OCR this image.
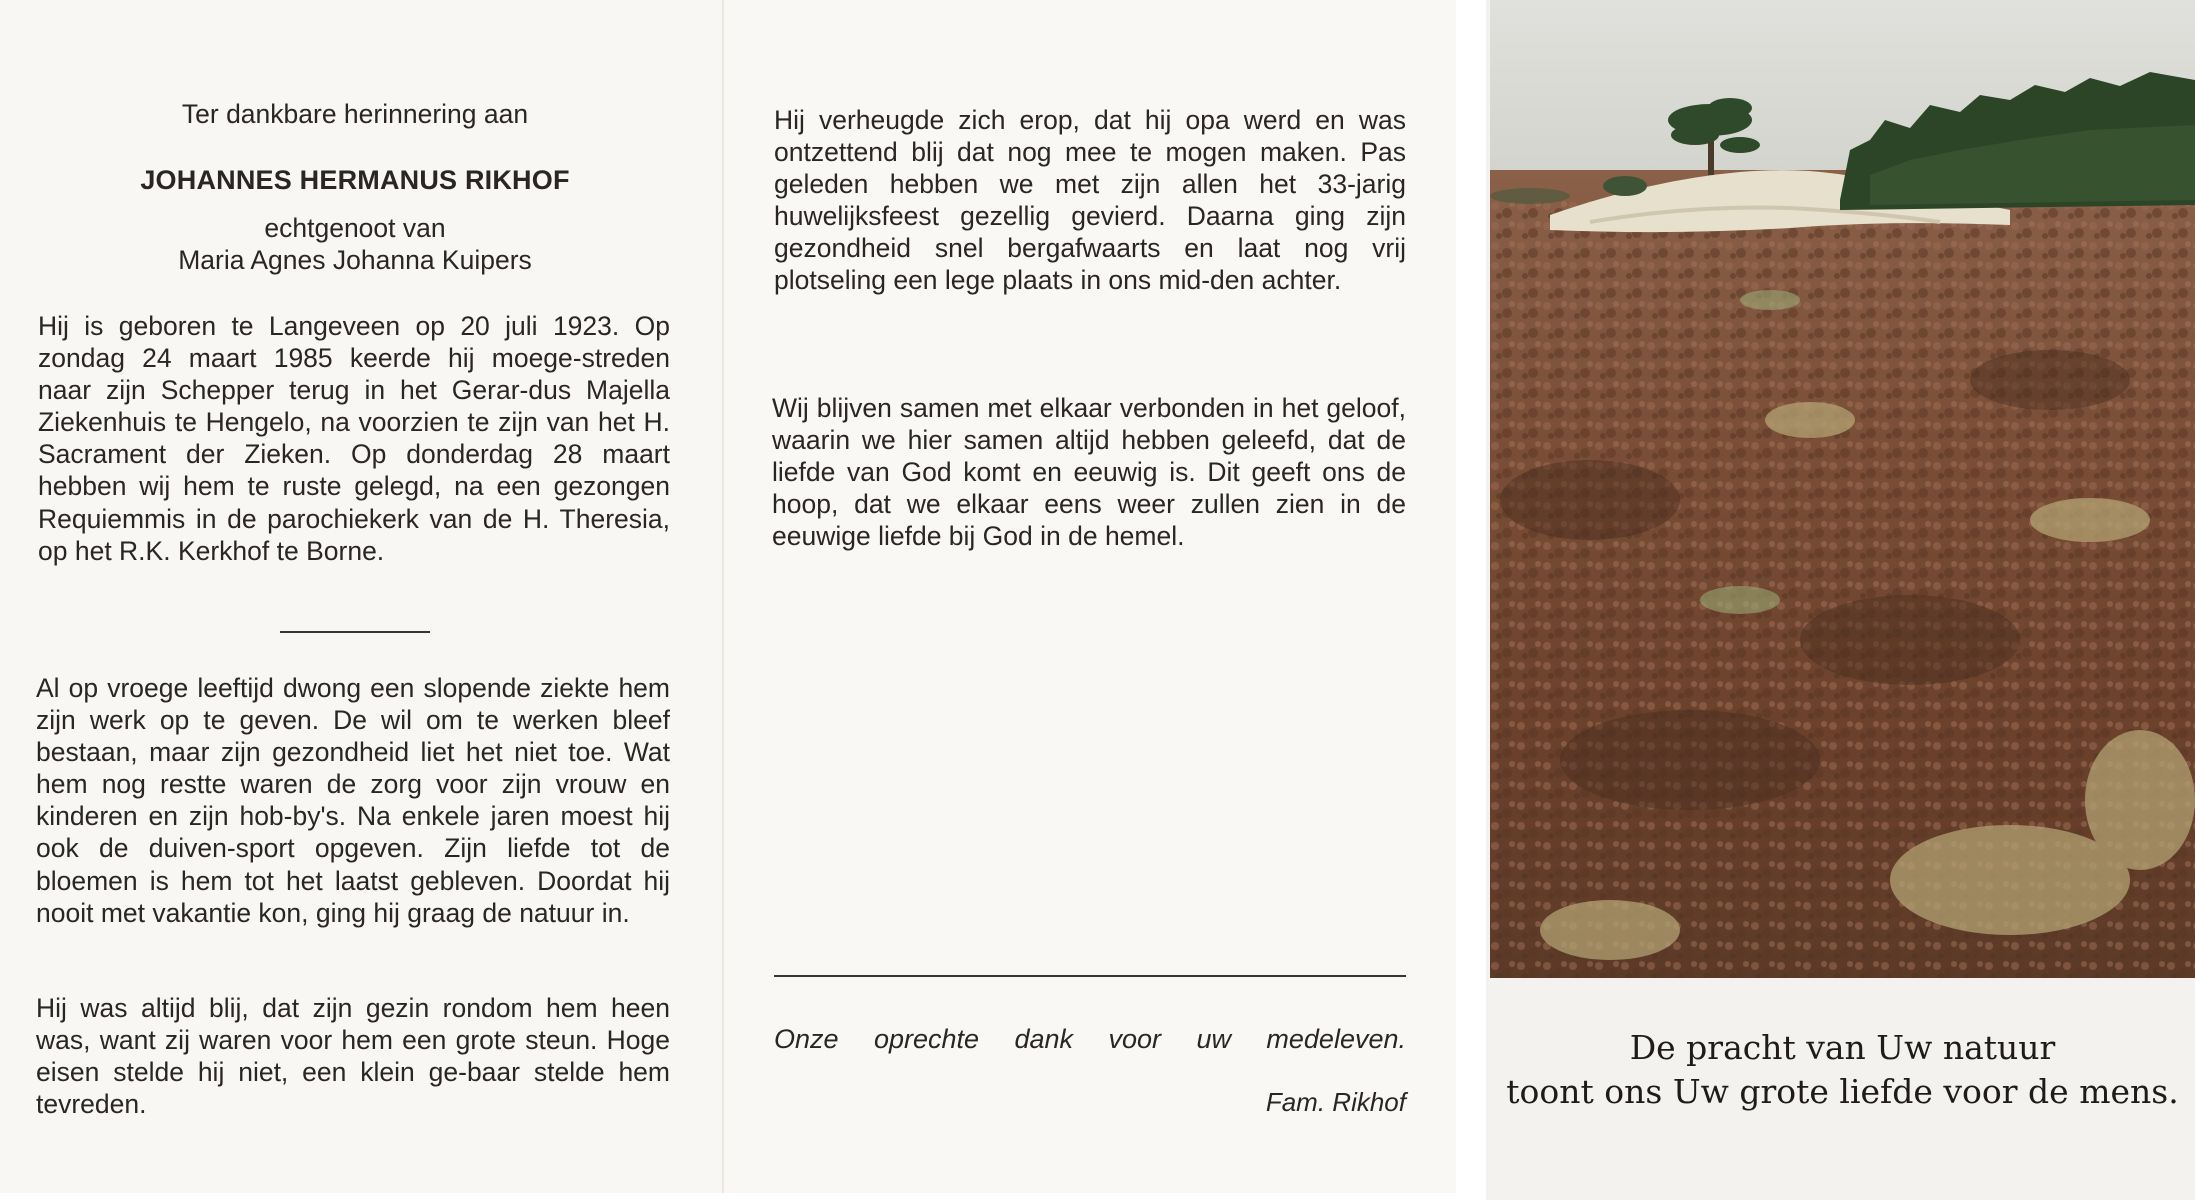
Ter dankbare herinnering aan
JOHANNES HERMANUS RIKHOF
echtgenoot van
Maria Agnes Johanna Kuipers
Hij is geboren te Langeveen op 20 juli 1923. Op zondag 24 maart 1985 keerde hij moege-streden naar zijn Schepper terug in het Gerar-dus Majella Ziekenhuis te Hengelo, na voorzien te zijn van het H. Sacrament der Zieken. Op donderdag 28 maart hebben wij hem te ruste gelegd, na een gezongen Requiemmis in de parochiekerk van de H. Theresia, op het R.K. Kerkhof te Borne.
Al op vroege leeftijd dwong een slopende ziekte hem zijn werk op te geven. De wil om te werken bleef bestaan, maar zijn gezondheid liet het niet toe. Wat hem nog restte waren de zorg voor zijn vrouw en kinderen en zijn hob-by's. Na enkele jaren moest hij ook de duiven-sport opgeven. Zijn liefde tot de bloemen is hem tot het laatst gebleven. Doordat hij nooit met vakantie kon, ging hij graag de natuur in.
Hij was altijd blij, dat zijn gezin rondom hem heen was, want zij waren voor hem een grote steun. Hoge eisen stelde hij niet, een klein ge-baar stelde hem tevreden.
Hij verheugde zich erop, dat hij opa werd en was ontzettend blij dat nog mee te mogen maken. Pas geleden hebben we met zijn allen het 33-jarig huwelijksfeest gezellig gevierd. Daarna ging zijn gezondheid snel bergafwaarts en laat nog vrij plotseling een lege plaats in ons mid-den achter.
Wij blijven samen met elkaar verbonden in het geloof, waarin we hier samen altijd hebben geleefd, dat de liefde van God komt en eeuwig is. Dit geeft ons de hoop, dat we elkaar eens weer zullen zien in de eeuwige liefde bij God in de hemel.
Onze oprechte dank voor uw medeleven.
Fam. Rikhof
De pracht van Uw natuur
toont ons Uw grote liefde voor de mens.
